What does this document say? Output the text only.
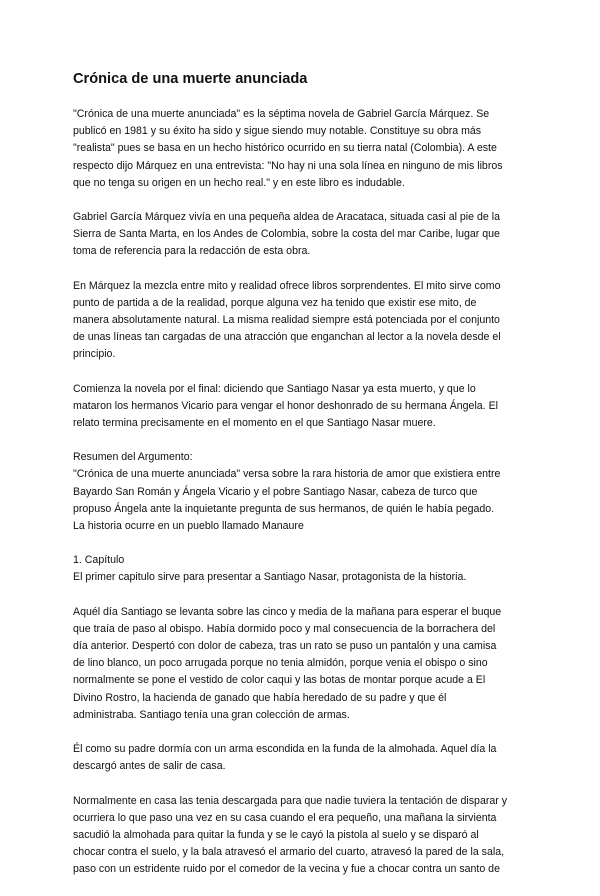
Crónica de una muerte anunciada

"Crónica de una muerte anunciada" es la séptima novela de Gabriel García Márquez. Se
publicó en 1981 y su éxito ha sido y sigue siendo muy notable. Constituye su obra más
"realista" pues se basa en un hecho histórico ocurrido en su tierra natal (Colombia). A este
respecto dijo Márquez en una entrevista: "No hay ni una sola línea en ninguno de mis libros
que no tenga su origen en un hecho real." y en este libro es indudable.

Gabriel García Márquez vivía en una pequeña aldea de Aracataca, situada casi al pie de la
Sierra de Santa Marta, en los Andes de Colombia, sobre la costa del mar Caribe, lugar que
toma de referencia para la redacción de esta obra.

En Márquez la mezcla entre mito y realidad ofrece libros sorprendentes. El mito sirve como
punto de partida a de la realidad, porque alguna vez ha tenido que existir ese mito, de
manera absolutamente natural. La misma realidad siempre está potenciada por el conjunto
de unas líneas tan cargadas de una atracción que enganchan al lector a la novela desde el
principio.

Comienza la novela por el final: diciendo que Santiago Nasar ya esta muerto, y que lo
mataron los hermanos Vicario para vengar el honor deshonrado de su hermana Ángela. El
relato termina precisamente en el momento en el que Santiago Nasar muere.

Resumen del Argumento:
"Crónica de una muerte anunciada" versa sobre la rara historia de amor que existiera entre
Bayardo San Román y Ángela Vicario y el pobre Santiago Nasar, cabeza de turco que
propuso Ángela ante la inquietante pregunta de sus hermanos, de quién le había pegado.
La historia ocurre en un pueblo llamado Manaure

1. Capítulo
El primer capitulo sirve para presentar a Santiago Nasar, protagonista de la historia.

Aquél día Santiago se levanta sobre las cinco y media de la mañana para esperar el buque
que traía de paso al obispo. Había dormido poco y mal consecuencia de la borrachera del
día anterior. Despertó con dolor de cabeza, tras un rato se puso un pantalón y una camisa
de lino blanco, un poco arrugada porque no tenia almidón, porque venia el obispo o sino
normalmente se pone el vestido de color caqui y las botas de montar porque acude a El
Divino Rostro, la hacienda de ganado que había heredado de su padre y que él
administraba. Santiago tenía una gran colección de armas.

Él como su padre dormía con un arma escondida en la funda de la almohada. Aquel día la
descargó antes de salir de casa.

Normalmente en casa las tenia descargada para que nadie tuviera la tentación de disparar y
ocurriera lo que paso una vez en su casa cuando el era pequeño, una mañana la sirvienta
sacudió la almohada para quitar la funda y se le cayó la pistola al suelo y se disparó al
chocar contra el suelo, y la bala atravesó el armario del cuarto, atravesó la pared de la sala,
paso con un estridente ruido por el comedor de la vecina y fue a chocar contra un santo de
